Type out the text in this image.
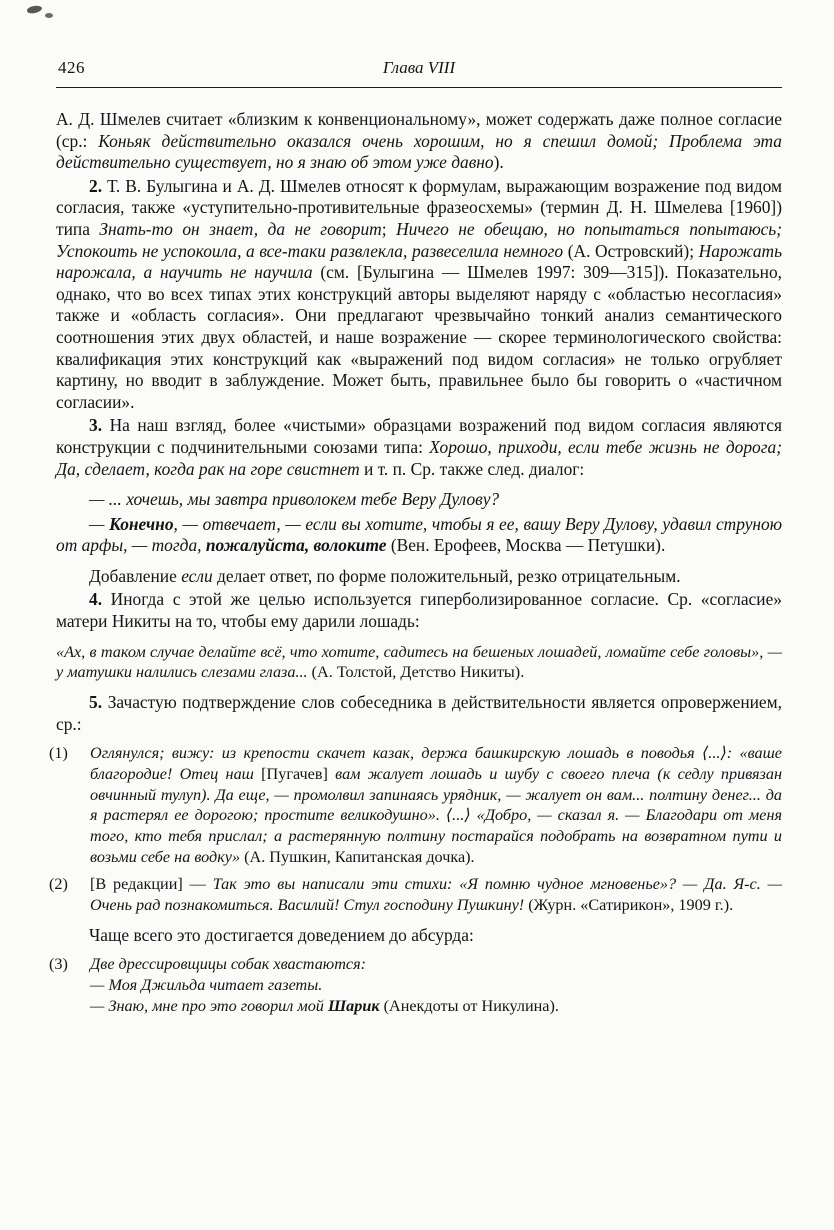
426	Глава VIII
А. Д. Шмелев считает «близким к конвенциональному», может содержать даже полное согласие (ср.: Коньяк действительно оказался очень хорошим, но я спешил домой; Проблема эта действительно существует, но я знаю об этом уже давно).
2. Т. В. Булыгина и А. Д. Шмелев относят к формулам, выражающим возражение под видом согласия, также «уступительно-противительные фразеосхемы» (термин Д. Н. Шмелева [1960]) типа Знать-то он знает, да не говорит; Ничего не обещаю, но попытаться попытаюсь; Успокоить не успокоила, а все-таки развлекла, развеселила немного (А. Островский); Нарожать нарожала, а научить не научила (см. [Булыгина — Шмелев 1997: 309—315]). Показательно, однако, что во всех типах этих конструкций авторы выделяют наряду с «областью несогласия» также и «область согласия». Они предлагают чрезвычайно тонкий анализ семантического соотношения этих двух областей, и наше возражение — скорее терминологического свойства: квалификация этих конструкций как «выражений под видом согласия» не только огрубляет картину, но вводит в заблуждение. Может быть, правильнее было бы говорить о «частичном согласии».
3. На наш взгляд, более «чистыми» образцами возражений под видом согласия являются конструкции с подчинительными союзами типа: Хорошо, приходи, если тебе жизнь не дорога; Да, сделает, когда рак на горе свистнет и т. п. Ср. также след. диалог:
— ... хочешь, мы завтра приволокем тебе Веру Дулову?
— Конечно, — отвечает, — если вы хотите, чтобы я ее, вашу Веру Дулову, удавил струною от арфы, — тогда, пожалуйста, волоките (Вен. Ерофеев, Москва — Петушки).
Добавление если делает ответ, по форме положительный, резко отрицательным.
4. Иногда с этой же целью используется гиперболизированное согласие. Ср. «согласие» матери Никиты на то, чтобы ему дарили лошадь:
«Ах, в таком случае делайте всё, что хотите, садитесь на бешеных лошадей, ломайте себе головы», — у матушки налились слезами глаза... (А. Толстой, Детство Никиты).
5. Зачастую подтверждение слов собеседника в действительности является опровержением, ср.:
(1) Оглянулся; вижу: из крепости скачет казак, держа башкирскую лошадь в поводья ⟨...⟩: «ваше благородие! Отец наш [Пугачев] вам жалует лошадь и шубу с своего плеча (к седлу привязан овчинный тулуп). Да еще, — промолвил запинаясь урядник, — жалует он вам... полтину денег... да я растерял ее дорогою; простите великодушно». ⟨...⟩ «Добро, — сказал я. — Благодари от меня того, кто тебя прислал; а растерянную полтину постарайся подобрать на возвратном пути и возьми себе на водку» (А. Пушкин, Капитанская дочка).
(2) [В редакции] — Так это вы написали эти стихи: «Я помню чудное мгновенье»? — Да. Я-с. — Очень рад познакомиться. Василий! Стул господину Пушкину! (Журн. «Сатирикон», 1909 г.).
Чаще всего это достигается доведением до абсурда:
(3) Две дрессировщицы собак хвастаются:
— Моя Джильда читает газеты.
— Знаю, мне про это говорил мой Шарик (Анекдоты от Никулина).
